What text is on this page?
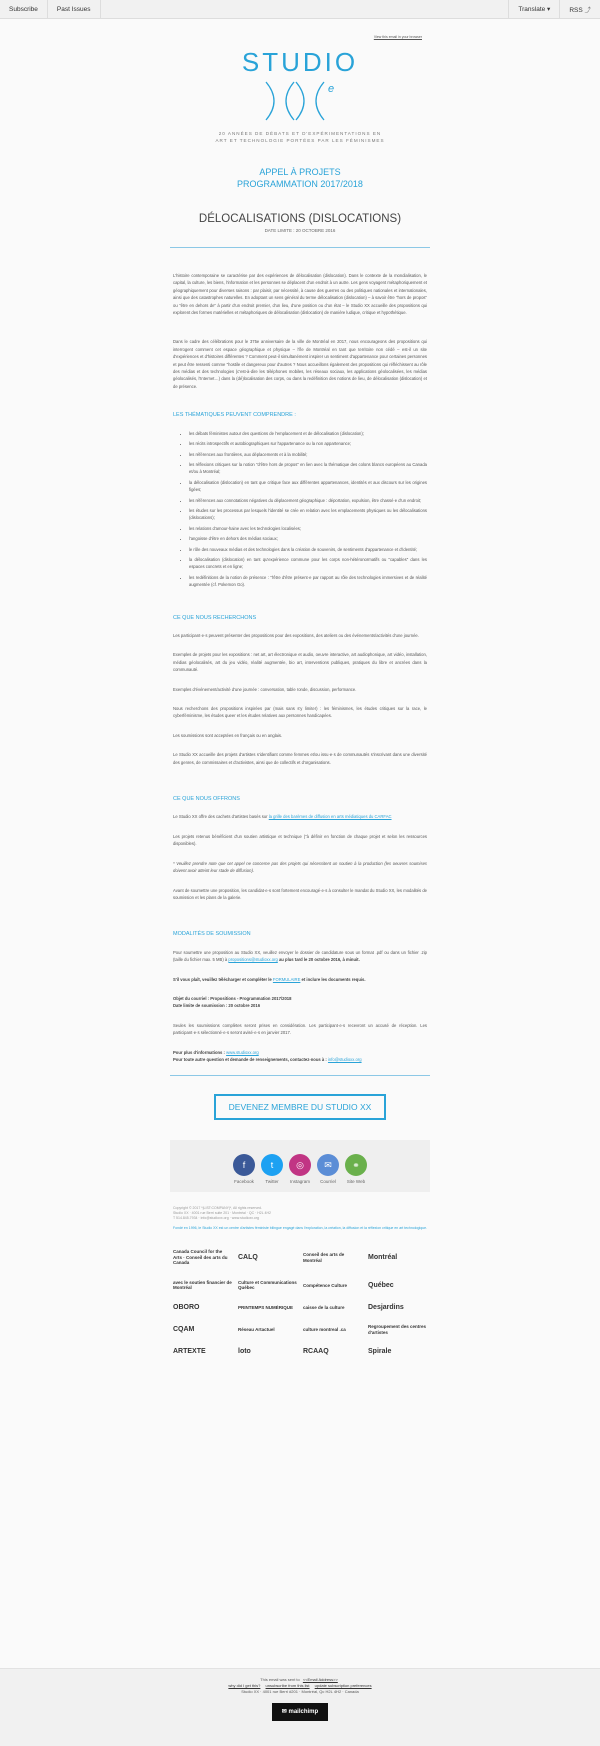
Subscribe	Past Issues	Translate ▾	RSS ⤴
View this email in your browser
STUDIO
e
20 ANNÉES DE DÉBATS ET D'EXPÉRIMENTATIONS EN
ART ET TECHNOLOGIE PORTÉES PAR LES FÉMINISMES
APPEL À PROJETS
PROGRAMMATION 2017/2018
DÉLOCALISATIONS (DISLOCATIONS)
DATE LIMITE : 20 OCTOBRE 2016

L'histoire contemporaine se caractérise par des expériences de délocalisation (dislocation). Dans le contexte de la mondialisation, le capital, la culture, les biens, l'information et les personnes se déplacent d'un endroit à un autre. Les gens voyagent métaphoriquement et géographiquement pour diverses raisons : par plaisir, par nécessité, à cause des guerres ou des politiques nationales et internationales, ainsi que des catastrophes naturelles. En adoptant un sens général du terme délocalisation (dislocation) – à savoir être "hors de propos" ou "être en dehors de" à partir d'un endroit premier, d'un lieu, d'une position ou d'un état – le Studio XX accueille des propositions qui explorent des formes matérielles et métaphoriques de délocalisation (dislocation) de manière ludique, critique et hypothétique.

Dans le cadre des célébrations pour le 375e anniversaire de la ville de Montréal en 2017, nous encourageons des propositions qui interrogent comment cet espace géographique et physique – l'île de Montréal en tant que territoire non cédé – est-il un site d'expériences et d'histoires différentes ? Comment peut-il simultanément inspirer un sentiment d'appartenance pour certaines personnes et peut être ressenti comme "hostile et dangereux pour d'autres ? Nous accueillons également des propositions qui réfléchissent au rôle des médias et des technologies (c'est-à-dire les téléphones mobiles, les réseaux sociaux, les applications géolocalisées, les médias géolocalisés, l'Internet…) dans la (dé)localisation des corps, ou dans la redéfinition des notions de lieu, de délocalisation (dislocation) et de présence.

LES THÉMATIQUES PEUVENT COMPRENDRE :
• les débats féministes autour des questions de l'emplacement et de délocalisation (dislocation);
• les récits introspectifs et autobiographiques sur l'appartenance ou la non appartenance;
• les références aux frontières, aux déplacements et à la mobilité;
• les réflexions critiques sur la notion "d'être hors de propos" en lien avec la thématique des colons blancs européens au Canada et/ou à Montréal;
• la délocalisation (dislocation) en tant que critique face aux différentes appartenances, identités et aux discours sur les origines figées;
• les références aux connotations négatives du déplacement géographique : déportation, expulsion, être chassé·e d'un endroit;
• les études sur les processus par lesquels l'identité se crée en relation avec les emplacements physiques ou les délocalisations (dislocations);
• les relations d'amour-haine avec les technologies localisées;
• l'angoisse d'être en dehors des médias sociaux;
• le rôle des nouveaux médias et des technologies dans la création de souvenirs, de sentiments d'appartenance et d'identité;
• la délocalisation (dislocation) en tant qu'expérience commune pour les corps non-hétéronormatifs ou "capables" dans les espaces concrets et en ligne;
• les redéfinitions de la notion de présence : "l'être d'être présent·e par rapport au rôle des technologies immersives et de réalité augmentée (cf. Pokemon Go).
CE QUE NOUS RECHERCHONS

Les participant·e·s peuvent présenter des propositions pour des expositions, des ateliers ou des événements/activités d'une journée.

Exemples de projets pour les expositions : net art, art électronique et audio, oeuvre interactive, art audiophonique, art vidéo, installation, médias géolocalisés, art du jeu vidéo, réalité augmentée, bio art, interventions publiques, pratiques du libre et ancrées dans la communauté.

Exemples d'événement/activité d'une journée : conversation, table ronde, discussion, performance.

Nous recherchons des propositions inspirées par (mais sans s'y limiter) : les féminismes, les études critiques sur la race, le cyberféminisme, les études queer et les études relatives aux personnes handicapées.

Les soumissions sont acceptées en français ou en anglais.

Le Studio XX accueille des projets d'artistes s'identifiant comme femmes et/ou issu·e·s de communautés s'inscrivant dans une diversité des genres, de commissaires et d'activistes, ainsi que de collectifs et d'organisations.

CE QUE NOUS OFFRONS

Le Studio XX offre des cachets d'artistes basés sur la grille des barèmes de diffusion en arts médiatiques du CARFAC

Les projets retenus bénéficient d'un soutien artistique et technique ("à définir en fonction de chaque projet et selon les ressources disponibles).

* Veuillez prendre note que cet appel ne concerne pas des projets qui nécessitent un soutien à la production (les oeuvres soumises doivent avoir atteint leur stade de diffusion).

Avant de soumettre une proposition, les candidat·e·s sont fortement encouragé·e·s à consulter le mandat du Studio XX, les modalités de soumission et les plans de la galerie.

MODALITÉS DE SOUMISSION

Pour soumettre une proposition au Studio XX, veuillez envoyer le dossier de candidature sous un format .pdf ou dans un fichier .zip (taille du fichier max. 5 MB) à propositions@studioxx.org au plus tard le 20 octobre 2016, à minuit.

S'il vous plaît, veuillez télécharger et compléter le FORMULAIRE et inclure les documents requis.

Objet du courriel : Propositions - Programmation 2017/2018
Date limite de soumission : 20 octobre 2016

Seules les soumissions complètes seront prises en considération. Les participant·e·s recevront un accusé de réception. Les participant·e·s sélectionné·e·s seront avisé·e·s en janvier 2017.

Pour plus d'informations : www.studioxx.org
Pour toute autre question et demande de renseignements, contactez-nous à : info@studioxx.org

DEVENEZ MEMBRE DU STUDIO XX
f
Facebook
t
Twitter
◎
Instagram
✉
Courriel
⚭
Site Web
Copyright © 2017 *|LIST:COMPANY|*, All rights reserved.
Studio XX · 4001 rue Berri suite 201 · Montréal · QC · H2L 4H2
T 514.845.7934 · info@studioxx.org · www.studioxx.org
Fondé en 1996, le Studio XX est un centre d'artistes féministe bilingue engagé dans l'exploration, la création, la diffusion et la réflexion critique en art technologique.
Canada Council for the Arts · Conseil des arts du Canada
CALQ	Conseil des arts de Montréal	Montréal
avec le soutien financier de Montréal
Culture et Communications Québec
Compétence Culture	Québec
OBORO	PRINTEMPS NUMÉRIQUE	caisse de la culture	Desjardins
CQAM	Réseau Artactuel	culture montreal .ca
Regroupement des centres d'artistes
ARTEXTE	loto	RCAAQ	Spirale
This email was sent to <<Email Address>>
why did I get this? unsubscribe from this list update subscription preferences
Studio XX · 4001 rue Berri #201 · Montréal, Qc H2L 4H2 · Canada
✉ mailchimp
